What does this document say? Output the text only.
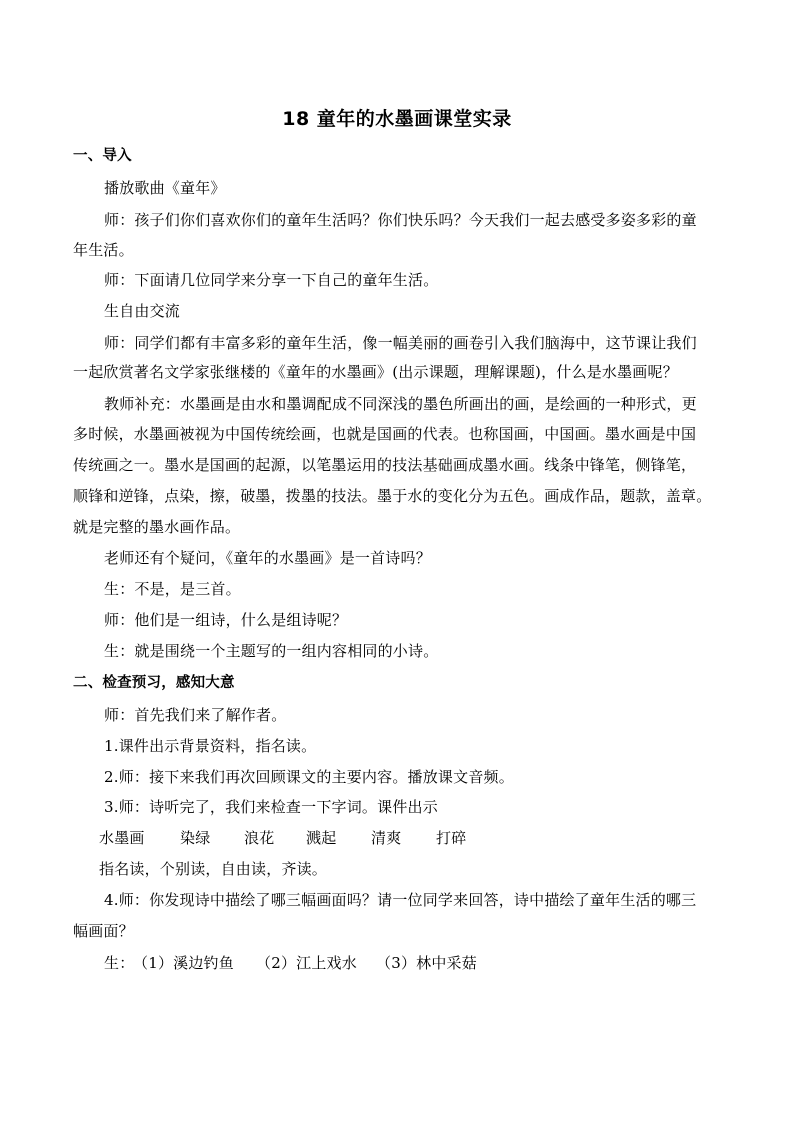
18 童年的水墨画课堂实录
一、导入
播放歌曲《童年》
师：孩子们你们喜欢你们的童年生活吗？你们快乐吗？今天我们一起去感受多姿多彩的童
年生活。
师：下面请几位同学来分享一下自己的童年生活。
生自由交流
师：同学们都有丰富多彩的童年生活，像一幅美丽的画卷引入我们脑海中，这节课让我们
一起欣赏著名文学家张继楼的《童年的水墨画》(出示课题，理解课题)，什么是水墨画呢？
教师补充：水墨画是由水和墨调配成不同深浅的墨色所画出的画，是绘画的一种形式，更
多时候，水墨画被视为中国传统绘画，也就是国画的代表。也称国画，中国画。墨水画是中国
传统画之一。墨水是国画的起源，以笔墨运用的技法基础画成墨水画。线条中锋笔，侧锋笔，
顺锋和逆锋，点染，擦，破墨，拨墨的技法。墨于水的变化分为五色。画成作品，题款，盖章。
就是完整的墨水画作品。
老师还有个疑问，《童年的水墨画》是一首诗吗？
生：不是，是三首。
师：他们是一组诗，什么是组诗呢？
生：就是围绕一个主题写的一组内容相同的小诗。
二、检查预习，感知大意
师：首先我们来了解作者。
1.课件出示背景资料，指名读。
2.师：接下来我们再次回顾课文的主要内容。播放课文音频。
3.师：诗听完了，我们来检查一下字词。课件出示
水墨画 染绿 浪花 溅起 清爽 打碎
指名读，个别读，自由读，齐读。
4.师：你发现诗中描绘了哪三幅画面吗？请一位同学来回答，诗中描绘了童年生活的哪三
幅画面？
生：
（1）溪边钓鱼 （2）江上戏水 （3）林中采菇
